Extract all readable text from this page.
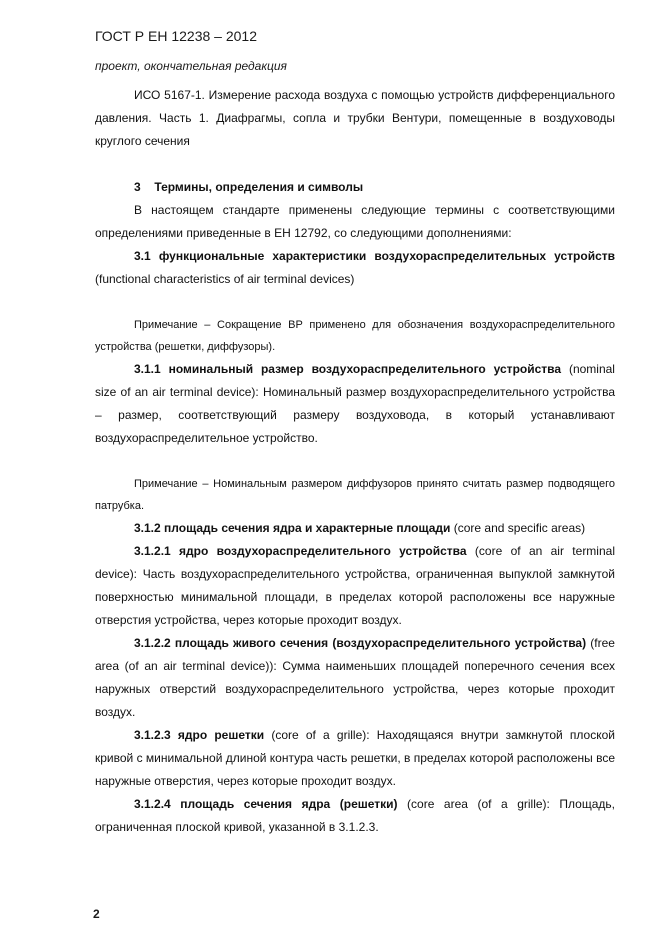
ГОСТ Р ЕН 12238 – 2012
проект, окончательная редакция

ИСО 5167-1. Измерение расхода воздуха с помощью устройств дифференциального давления. Часть 1. Диафрагмы, сопла и трубки Вентури, помещенные в воздуховоды круглого сечения

3 Термины, определения и символы

В настоящем стандарте применены следующие термины с соответствующими определениями приведенные в ЕН 12792, со следующими дополнениями:

3.1 функциональные характеристики воздухораспределительных устройств (functional characteristics of air terminal devices)

Примечание – Сокращение ВР применено для обозначения воздухораспределительного устройства (решетки, диффузоры).

3.1.1 номинальный размер воздухораспределительного устройства (nominal size of an air terminal device): Номинальный размер воздухораспределительного устройства – размер, соответствующий размеру воздуховода, в который устанавливают воздухораспределительное устройство.

Примечание – Номинальным размером диффузоров принято считать размер подводящего патрубка.

3.1.2 площадь сечения ядра и характерные площади (core and specific areas)

3.1.2.1 ядро воздухораспределительного устройства (core of an air terminal device): Часть воздухораспределительного устройства, ограниченная выпуклой замкнутой поверхностью минимальной площади, в пределах которой расположены все наружные отверстия устройства, через которые проходит воздух.

3.1.2.2 площадь живого сечения (воздухораспределительного устройства) (free area (of an air terminal device)): Сумма наименьших площадей поперечного сечения всех наружных отверстий воздухораспределительного устройства, через которые проходит воздух.

3.1.2.3 ядро решетки (core of a grille): Находящаяся внутри замкнутой плоской кривой с минимальной длиной контура часть решетки, в пределах которой расположены все наружные отверстия, через которые проходит воздух.

3.1.2.4 площадь сечения ядра (решетки) (core area (of a grille): Площадь, ограниченная плоской кривой, указанной в 3.1.2.3.

2
